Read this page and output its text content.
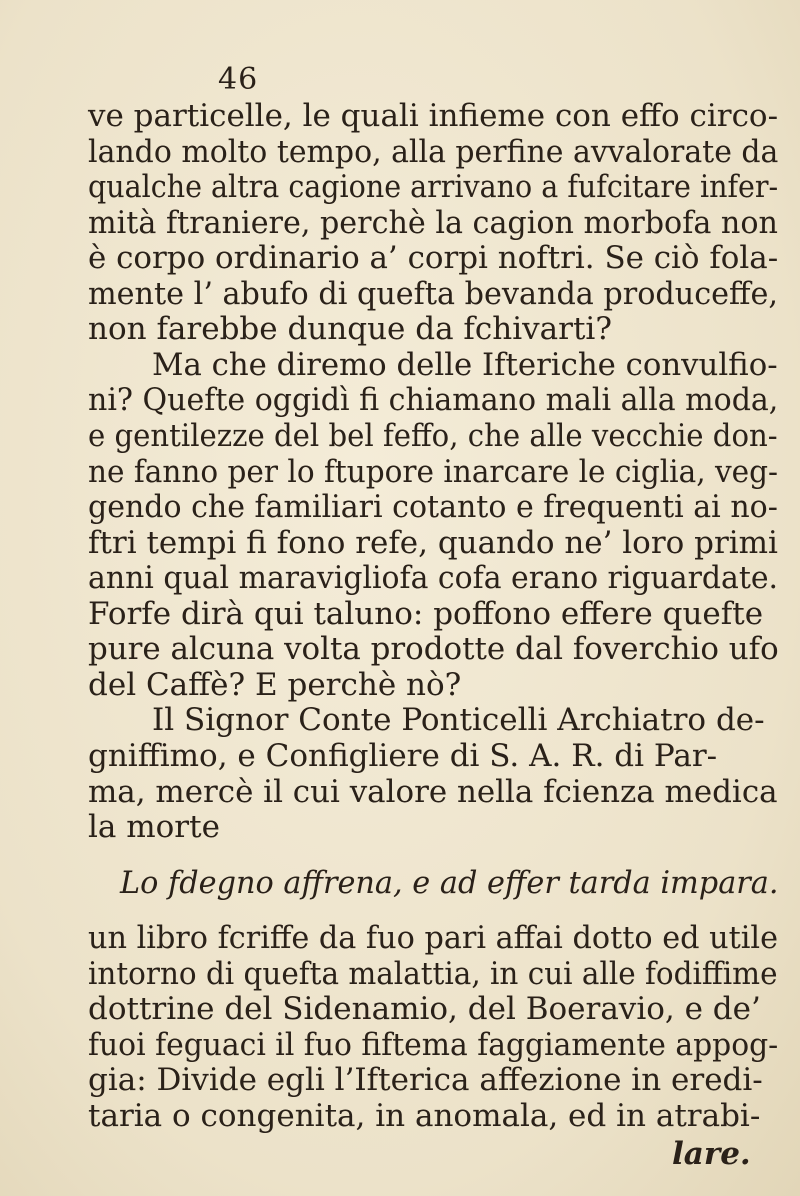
46
ve particelle, le quali infieme con effo circo-
lando molto tempo, alla perfine avvalorate da
qualche altra cagione arrivano a fufcitare infer-
mità ftraniere, perchè la cagion morbofa non
è corpo ordinario a’ corpi noftri. Se ciò fola-
mente l’ abufo di quefta bevanda produceffe,
non farebbe dunque da fchivarti?
Ma che diremo delle Ifteriche convulfio-
ni? Quefte oggidì fi chiamano mali alla moda,
e gentilezze del bel feffo, che alle vecchie don-
ne fanno per lo ftupore inarcare le ciglia, veg-
gendo che familiari cotanto e frequenti ai no-
ftri tempi fi fono refe, quando ne’ loro primi
anni qual maravigliofa cofa erano riguardate.
Forfe dirà qui taluno: poffono effere quefte
pure alcuna volta prodotte dal foverchio ufo
del Caffè? E perchè nò?
Il Signor Conte Ponticelli Archiatro de-
gniffimo, e Configliere di S. A. R. di Par-
ma, mercè il cui valore nella fcienza medica
la morte
Lo fdegno affrena, e ad effer tarda impara.
un libro fcriffe da fuo pari affai dotto ed utile
intorno di quefta malattia, in cui alle fodiffime
dottrine del Sidenamio, del Boeravio, e de’
fuoi feguaci il fuo fiftema faggiamente appog-
gia: Divide egli l’Ifterica affezione in eredi-
taria o congenita, in anomala, ed in atrabi-
lare.
